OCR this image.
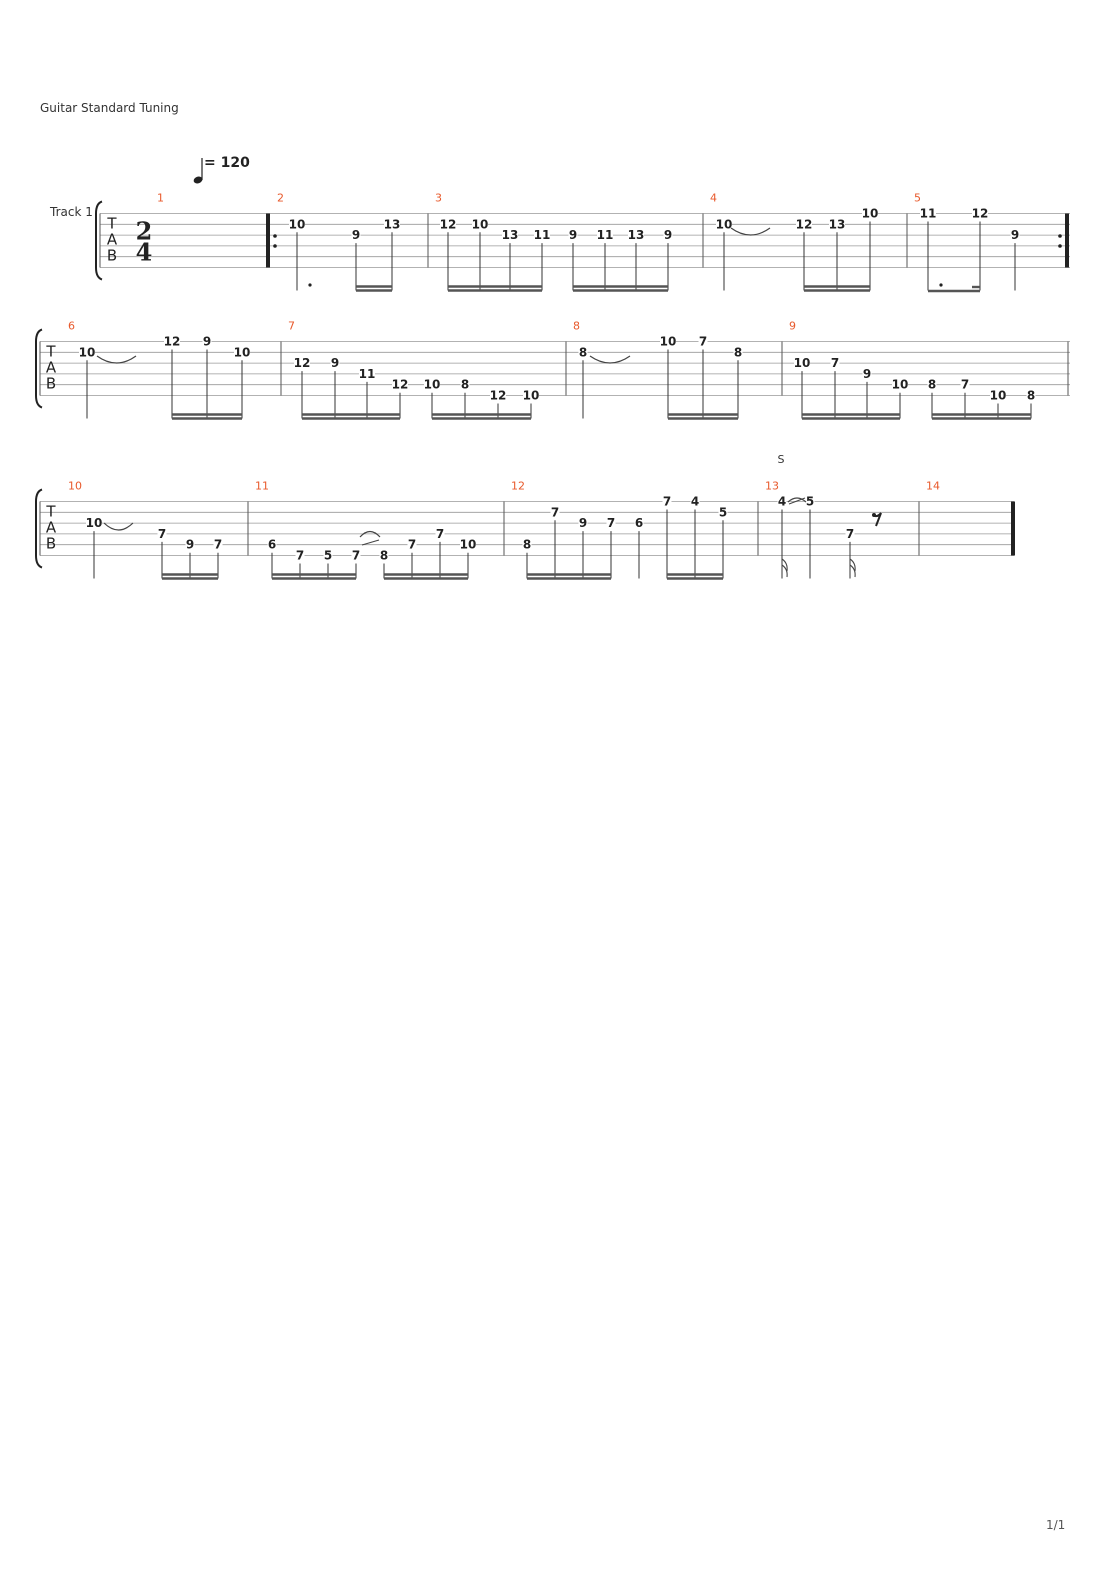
Guitar Standard Tuning
Track 1
= 120
1/1
T
A
B
2
4
1	2
10
9
13
3
12 10
13 11 9 11 13 9
4
10	12 13
10
5
11	12
9
T
A
B
6
10
12 9
10
7
12 9
11
12 10 8
12 10
8
8
10 7
8
9
10 7
9
10 8 7
10 8
T
A
B
10
10
7
9 7
11
6
7 5 7 8
7
7
10
12
8
7
9 7 6
7 4
5
13
4 5
7
14
S
